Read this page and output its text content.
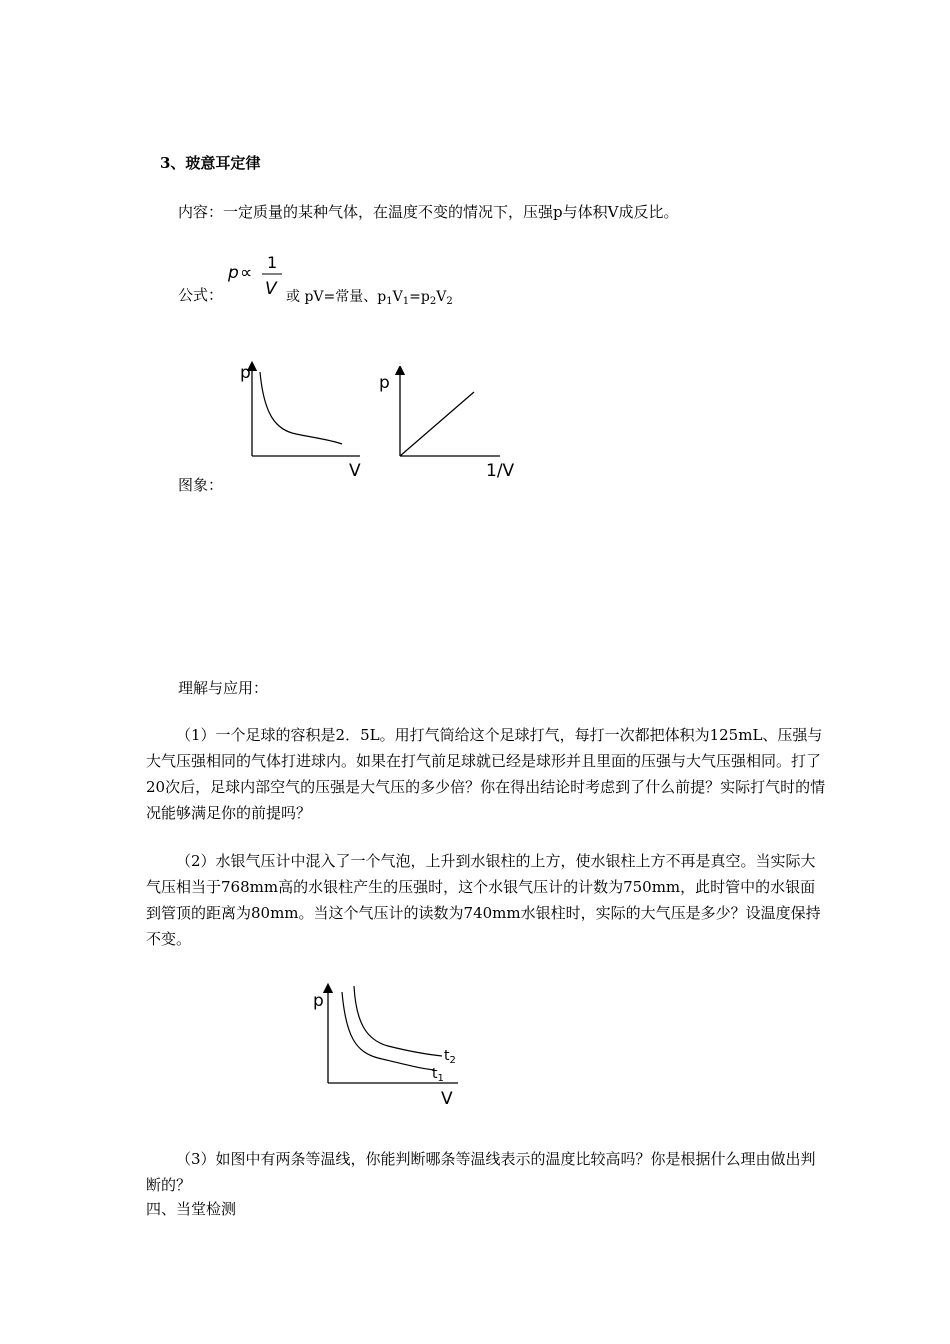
3、玻意耳定律
内容：一定质量的某种气体，在温度不变的情况下，压强p与体积V成反比。
公式：
p ∝
1
V 或 pV=常量、$p_1V_1=p_2V_2$
p
V
p
1/V
图象：
理解与应用：
（1）一个足球的容积是2．5L。用打气筒给这个足球打气，每打一次都把体积为125mL、压强与大气压强相同的气体打进球内。如果在打气前足球就已经是球形并且里面的压强与大气压强相同。打了20次后，足球内部空气的压强是大气压的多少倍？你在得出结论时考虑到了什么前提？实际打气时的情况能够满足你的前提吗？
（2）水银气压计中混入了一个气泡，上升到水银柱的上方，使水银柱上方不再是真空。当实际大气压相当于768mm高的水银柱产生的压强时，这个水银气压计的计数为750mm，此时管中的水银面到管顶的距离为80mm。当这个气压计的读数为740mm水银柱时，实际的大气压是多少？设温度保持不变。
p
V
$t_2$
$t_1$
（3）如图中有两条等温线，你能判断哪条等温线表示的温度比较高吗？你是根据什么理由做出判断的？
四、当堂检测
